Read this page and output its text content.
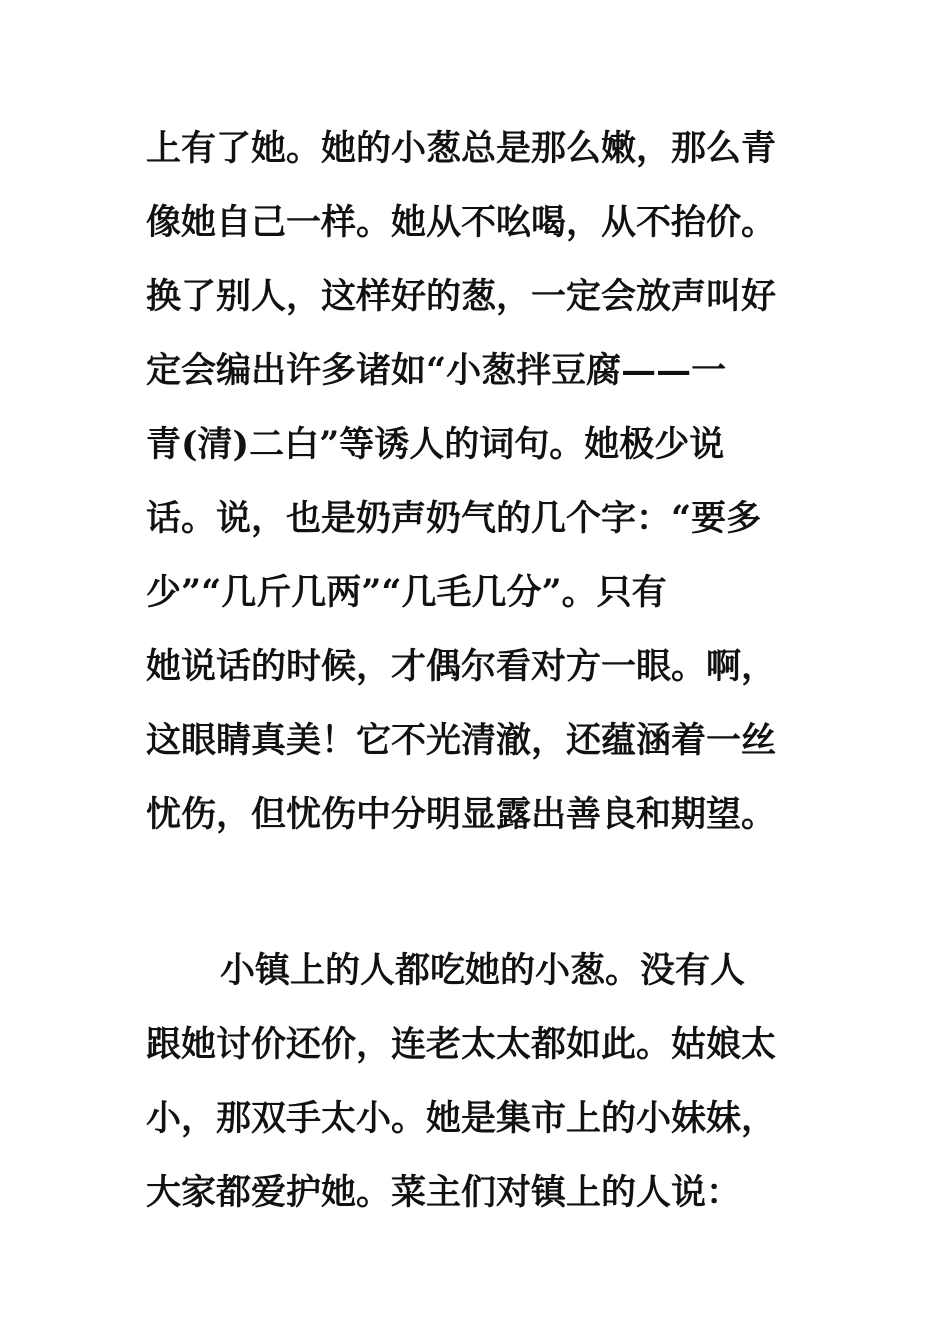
上有了她。她的小葱总是那么嫩，那么青
像她自己一样。她从不吆喝，从不抬价。
换了别人，这样好的葱，一定会放声叫好
定会编出许多诸如“小葱拌豆腐——一
青(清)二白”等诱人的词句。她极少说
话。说，也是奶声奶气的几个字：“要多
少”“几斤几两”“几毛几分”。只有
她说话的时候，才偶尔看对方一眼。啊，
这眼睛真美！它不光清澈，还蕴涵着一丝
忧伤，但忧伤中分明显露出善良和期望。
小镇上的人都吃她的小葱。没有人
跟她讨价还价，连老太太都如此。姑娘太
小，那双手太小。她是集市上的小妹妹，
大家都爱护她。菜主们对镇上的人说：
